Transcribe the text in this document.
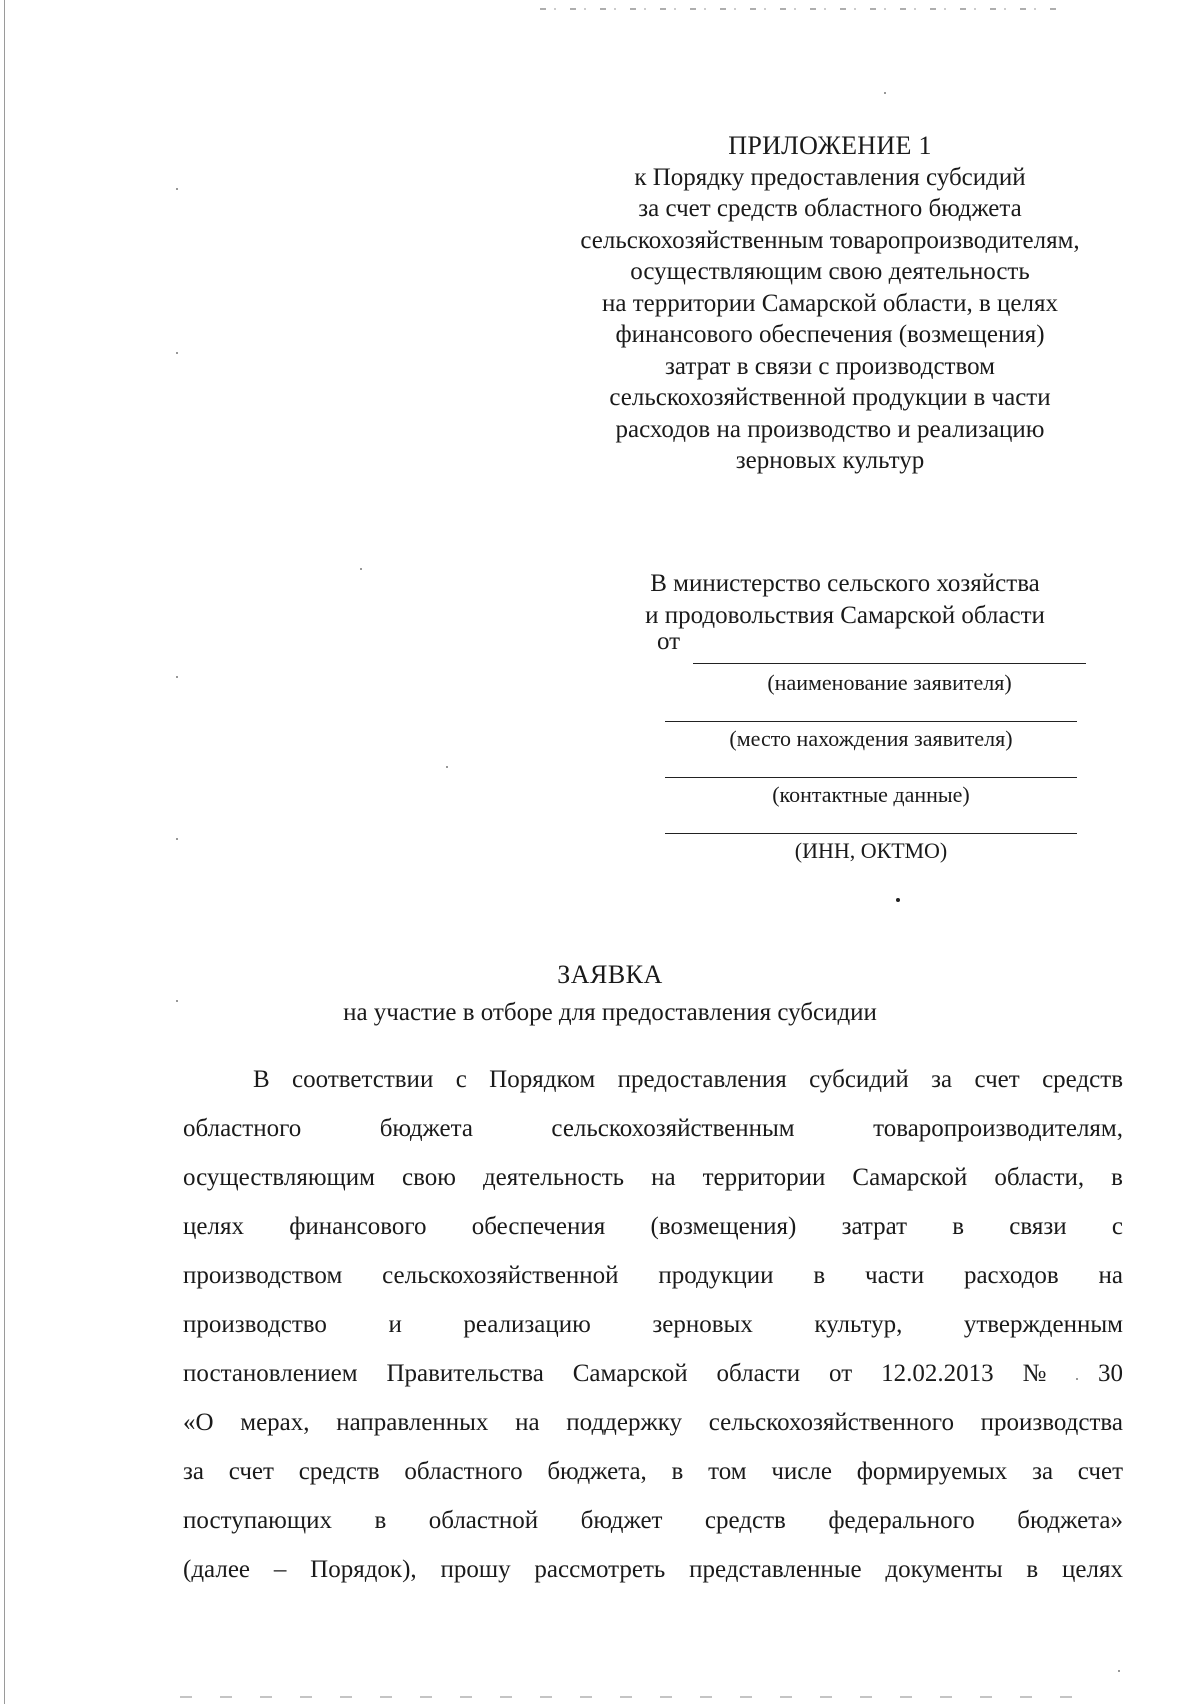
ПРИЛОЖЕНИЕ 1
к Порядку предоставления субсидий
за счет средств областного бюджета
сельскохозяйственным товаропроизводителям,
осуществляющим свою деятельность
на территории Самарской области, в целях
финансового обеспечения (возмещения)
затрат в связи с производством
сельскохозяйственной продукции в части
расходов на производство и реализацию
зерновых культур
В министерство сельского хозяйства
и продовольствия Самарской области
от
(наименование заявителя)
(место нахождения заявителя)
(контактные данные)
(ИНН, ОКТМО)
ЗАЯВКА
на участие в отборе для предоставления субсидии
В соответствии с Порядком предоставления субсидий за счет средств
областного бюджета сельскохозяйственным товаропроизводителям,
осуществляющим свою деятельность на территории Самарской области, в
целях финансового обеспечения (возмещения) затрат в связи с
производством сельскохозяйственной продукции в части расходов на
производство и реализацию зерновых культур, утвержденным
постановлением Правительства Самарской области от 12.02.2013 № 30
«О мерах, направленных на поддержку сельскохозяйственного производства
за счет средств областного бюджета, в том числе формируемых за счет
поступающих в областной бюджет средств федерального бюджета»
(далее – Порядок), прошу рассмотреть представленные документы в целях
